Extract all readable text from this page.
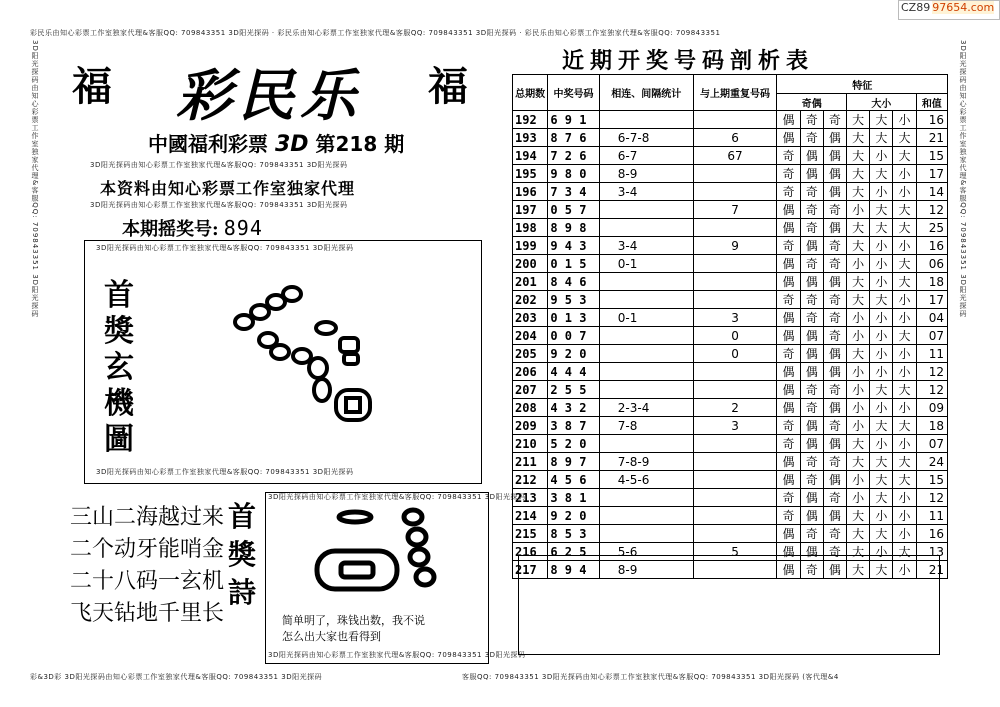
CZ89 97654.com
彩民乐由知心彩票工作室独家代理&客服QQ: 709843351 3D阳光探码 · 彩民乐由知心彩票工作室独家代理&客服QQ: 709843351 3D阳光探码 · 彩民乐由知心彩票工作室独家代理&客服QQ: 709843351
彩&3D彩 3D阳光探码由知心彩票工作室独家代理&客服QQ: 709843351 3D阳光探码	客服QQ: 709843351 3D阳光探码由知心彩票工作室独家代理&客服QQ: 709843351 3D阳光探码 (客代理&4
3D阳光探码由知心彩票工作室独家代理&客服QQ: 709843351 3D阳光探码	3D阳光探码由知心彩票工作室独家代理&客服QQ: 709843351 3D阳光探码
福	福
彩民乐
中國福利彩票 3D 第218 期
3D阳光探码由知心彩票工作室独家代理&客服QQ: 709843351 3D阳光探码
本资料由知心彩票工作室独家代理
3D阳光探码由知心彩票工作室独家代理&客服QQ: 709843351 3D阳光探码
本期摇奖号: 894
3D阳光探码由知心彩票工作室独家代理&客服QQ: 709843351 3D阳光探码
3D阳光探码由知心彩票工作室独家代理&客服QQ: 709843351 3D阳光探码
首
獎
玄
機
圖
三山二海越过来
二个动牙能哨金
二十八码一玄机
飞天钻地千里长
首
獎
詩
3D阳光探码由知心彩票工作室独家代理&客服QQ: 709843351 3D阳光探码
3D阳光探码由知心彩票工作室独家代理&客服QQ: 709843351 3D阳光探码
简单明了，珠钱出数，我不说
怎么出大家也看得到
近期开奖号码剖析表
总期数	中奖号码	相连、间隔统计	与上期重复号码	特征						
				奇偶			大小			和值
192	6 9 1			偶	奇	奇	大	大	小	16
193	8 7 6	6-7-8	6	偶	奇	偶	大	大	大	21
194	7 2 6	6-7	67	奇	偶	偶	大	小	大	15
195	9 8 0	8-9		奇	偶	偶	大	大	小	17
196	7 3 4	3-4		奇	奇	偶	大	小	小	14
197	0 5 7		7	偶	奇	奇	小	大	大	12
198	8 9 8			偶	奇	偶	大	大	大	25
199	9 4 3	3-4	9	奇	偶	奇	大	小	小	16
200	0 1 5	0-1		偶	奇	奇	小	小	大	06
201	8 4 6			偶	偶	偶	大	小	大	18
202	9 5 3			奇	奇	奇	大	大	小	17
203	0 1 3	0-1	3	偶	奇	奇	小	小	小	04
204	0 0 7		0	偶	偶	奇	小	小	大	07
205	9 2 0		0	奇	偶	偶	大	小	小	11
206	4 4 4			偶	偶	偶	小	小	小	12
207	2 5 5			偶	奇	奇	小	大	大	12
208	4 3 2	2-3-4	2	偶	奇	偶	小	小	小	09
209	3 8 7	7-8	3	奇	偶	奇	小	大	大	18
210	5 2 0			奇	偶	偶	大	小	小	07
211	8 9 7	7-8-9		偶	奇	奇	大	大	大	24
212	4 5 6	4-5-6		偶	奇	偶	小	大	大	15
213	3 8 1			奇	偶	奇	小	大	小	12
214	9 2 0			奇	偶	偶	大	小	小	11
215	8 5 3			偶	奇	奇	大	大	小	16
216	6 2 5	5-6	5	偶	偶	奇	大	小	大	13
217	8 9 4	8-9		偶	奇	偶	大	大	小	21
